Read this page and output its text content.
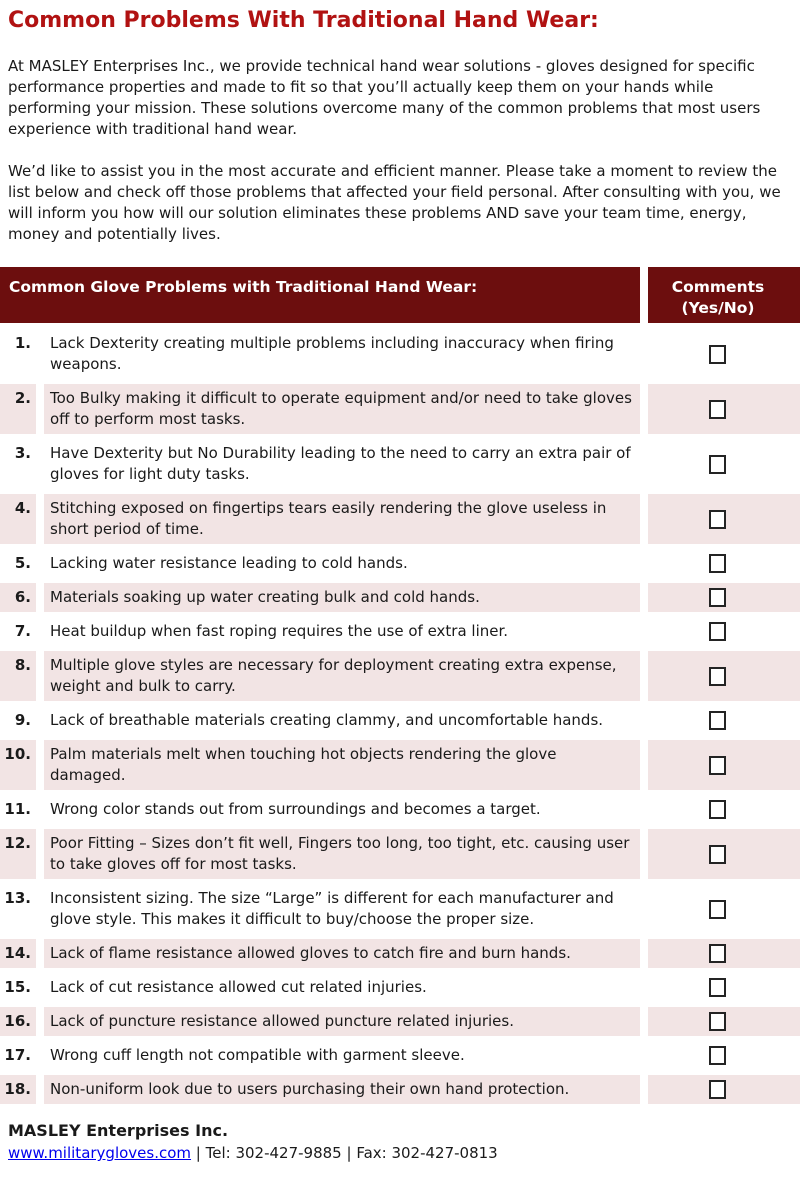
Common Problems With Traditional Hand Wear:

At MASLEY Enterprises Inc., we provide technical hand wear solutions - gloves designed for specific performance properties and made to fit so that you’ll actually keep them on your hands while performing your mission. These solutions overcome many of the common problems that most users experience with traditional hand wear.

We’d like to assist you in the most accurate and efficient manner. Please take a moment to review the list below and check off those problems that affected your field personal. After consulting with you, we will inform you how will our solution eliminates these problems AND save your team time, energy, money and potentially lives.

Common Glove Problems with Traditional Hand Wear:	Comments (Yes/No)
1.	Lack Dexterity creating multiple problems including inaccuracy when firing weapons.
2.	Too Bulky making it difficult to operate equipment and/or need to take gloves off to perform most tasks.
3.	Have Dexterity but No Durability leading to the need to carry an extra pair of gloves for light duty tasks.
4.	Stitching exposed on fingertips tears easily rendering the glove useless in short period of time.
5.	Lacking water resistance leading to cold hands.
6.	Materials soaking up water creating bulk and cold hands.
7.	Heat buildup when fast roping requires the use of extra liner.
8.	Multiple glove styles are necessary for deployment creating extra expense, weight and bulk to carry.
9.	Lack of breathable materials creating clammy, and uncomfortable hands.
10.	Palm materials melt when touching hot objects rendering the glove damaged.
11.	Wrong color stands out from surroundings and becomes a target.
12.	Poor Fitting – Sizes don’t fit well, Fingers too long, too tight, etc. causing user to take gloves off for most tasks.
13.	Inconsistent sizing. The size “Large” is different for each manufacturer and glove style. This makes it difficult to buy/choose the proper size.
14.	Lack of flame resistance allowed gloves to catch fire and burn hands.
15.	Lack of cut resistance allowed cut related injuries.
16.	Lack of puncture resistance allowed puncture related injuries.
17.	Wrong cuff length not compatible with garment sleeve.
18.	Non-uniform look due to users purchasing their own hand protection.
MASLEY Enterprises Inc.
www.militarygloves.com | Tel: 302-427-9885 | Fax: 302-427-0813
